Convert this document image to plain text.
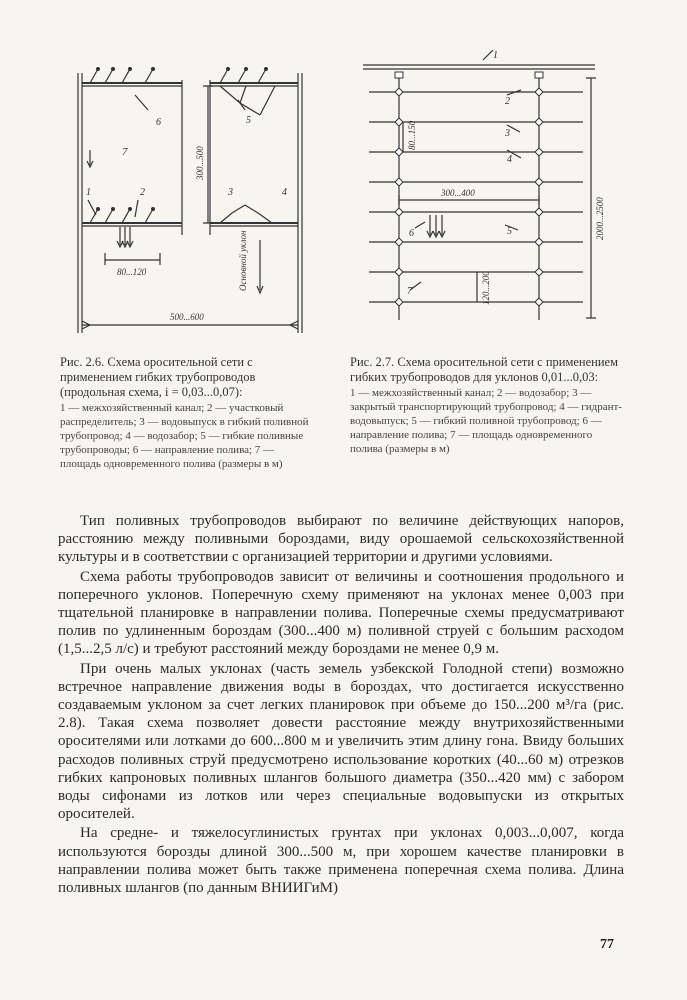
7
6	5
1	2	3	4
80...120
300...500
Основной уклон
500...600
Рис. 2.6. Схема оросительной сети с применением гибких трубопроводов (продольная схема, i = 0,03...0,07):
1 — межхозяйственный канал; 2 — участковый распределитель; 3 — водовыпуск в гибкий поливной трубопровод; 4 — водозабор; 5 — гибкие поливные трубопроводы; 6 — направление полива; 7 — площадь одновременного полива (размеры в м)
1
2
3
4
5
6
7
80...150
300...400
120...200
2000...2500
Рис. 2.7. Схема оросительной сети с применением гибких трубопроводов для уклонов 0,01...0,03:
1 — межхозяйственный канал; 2 — водозабор; 3 — закрытый транспортирующий трубопровод; 4 — гидрант-водовыпуск; 5 — гибкий поливной трубопровод; 6 — направление полива; 7 — площадь одновременного полива (размеры в м)

Тип поливных трубопроводов выбирают по величине действующих напоров, расстоянию между поливными бороздами, виду орошаемой сельскохозяйственной культуры и в соответствии с организацией территории и другими условиями.

Схема работы трубопроводов зависит от величины и соотношения продольного и поперечного уклонов. Поперечную схему применяют на уклонах менее 0,003 при тщательной планировке в направлении полива. Поперечные схемы предусматривают полив по удлиненным бороздам (300...400 м) поливной струей с большим расходом (1,5...2,5 л/с) и требуют расстояний между бороздами не менее 0,9 м.

При очень малых уклонах (часть земель узбекской Голодной степи) возможно встречное направление движения воды в бороздах, что достигается искусственно создаваемым уклоном за счет легких планировок при объеме до 150...200 м³/га (рис. 2.8). Такая схема позволяет довести расстояние между внутрихозяйственными оросителями или лотками до 600...800 м и увеличить этим длину гона. Ввиду больших расходов поливных струй предусмотрено использование коротких (40...60 м) отрезков гибких капроновых поливных шлангов большого диаметра (350...420 мм) с забором воды сифонами из лотков или через специальные водовыпуски из открытых оросителей.

На средне- и тяжелосуглинистых грунтах при уклонах 0,003...0,007, когда используются борозды длиной 300...500 м, при хорошем качестве планировки в направлении полива может быть также применена поперечная схема полива. Длина поливных шлангов (по данным ВНИИГиМ)

77
